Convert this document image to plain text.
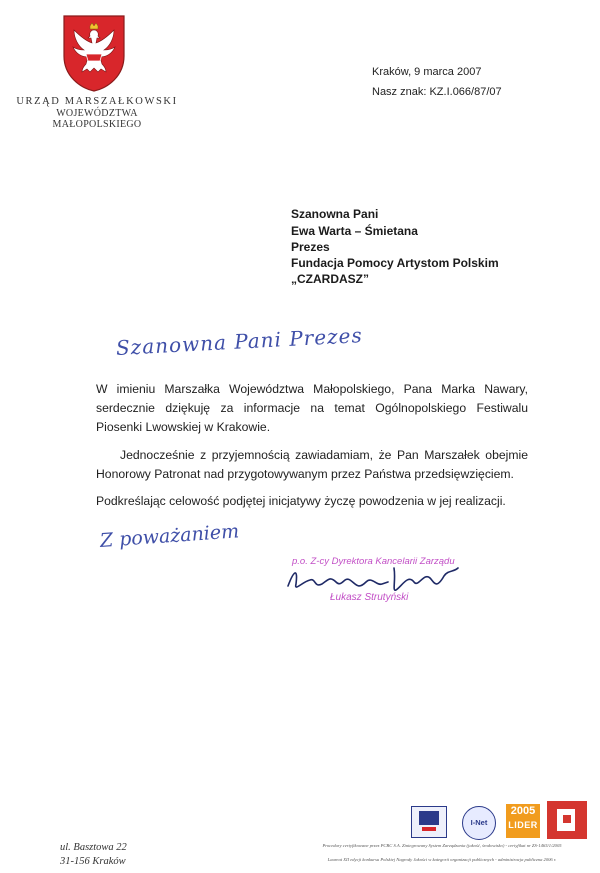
URZĄD MARSZAŁKOWSKI
WOJEWÓDZTWA MAŁOPOLSKIEGO
Kraków, 9 marca 2007
Nasz znak: KZ.I.066/87/07
Szanowna Pani
Ewa Warta – Śmietana
Prezes
Fundacja Pomocy Artystom Polskim
„CZARDASZ”
Szanowna Pani Prezes
W imieniu Marszałka Województwa Małopolskiego, Pana Marka Nawary, serdecznie dziękuję za informacje na temat Ogólnopolskiego Festiwalu Piosenki Lwowskiej w Krakowie.
Jednocześnie z przyjemnością zawiadamiam, że Pan Marszałek obejmie Honorowy Patronat nad przygotowywanym przez Państwa przedsięwzięciem.
Podkreślając celowość podjętej inicjatywy życzę powodzenia w jej realizacji.
Z poważaniem
p.o. Z-cy Dyrektora Kancelarii Zarządu
Łukasz Strutyński
I-Net
2005
LIDER
Procedury certyfikowane przez PCBC S.A. Zintegrowany System Zarządzania (jakość, środowisko) - certyfikat nr ZS-1465/1/2005
Laureat XII edycji konkursu Polskiej Nagrody Jakości w kategorii organizacji publicznych - administracja publiczna 2006 r.
ul. Basztowa 22
31-156 Kraków
